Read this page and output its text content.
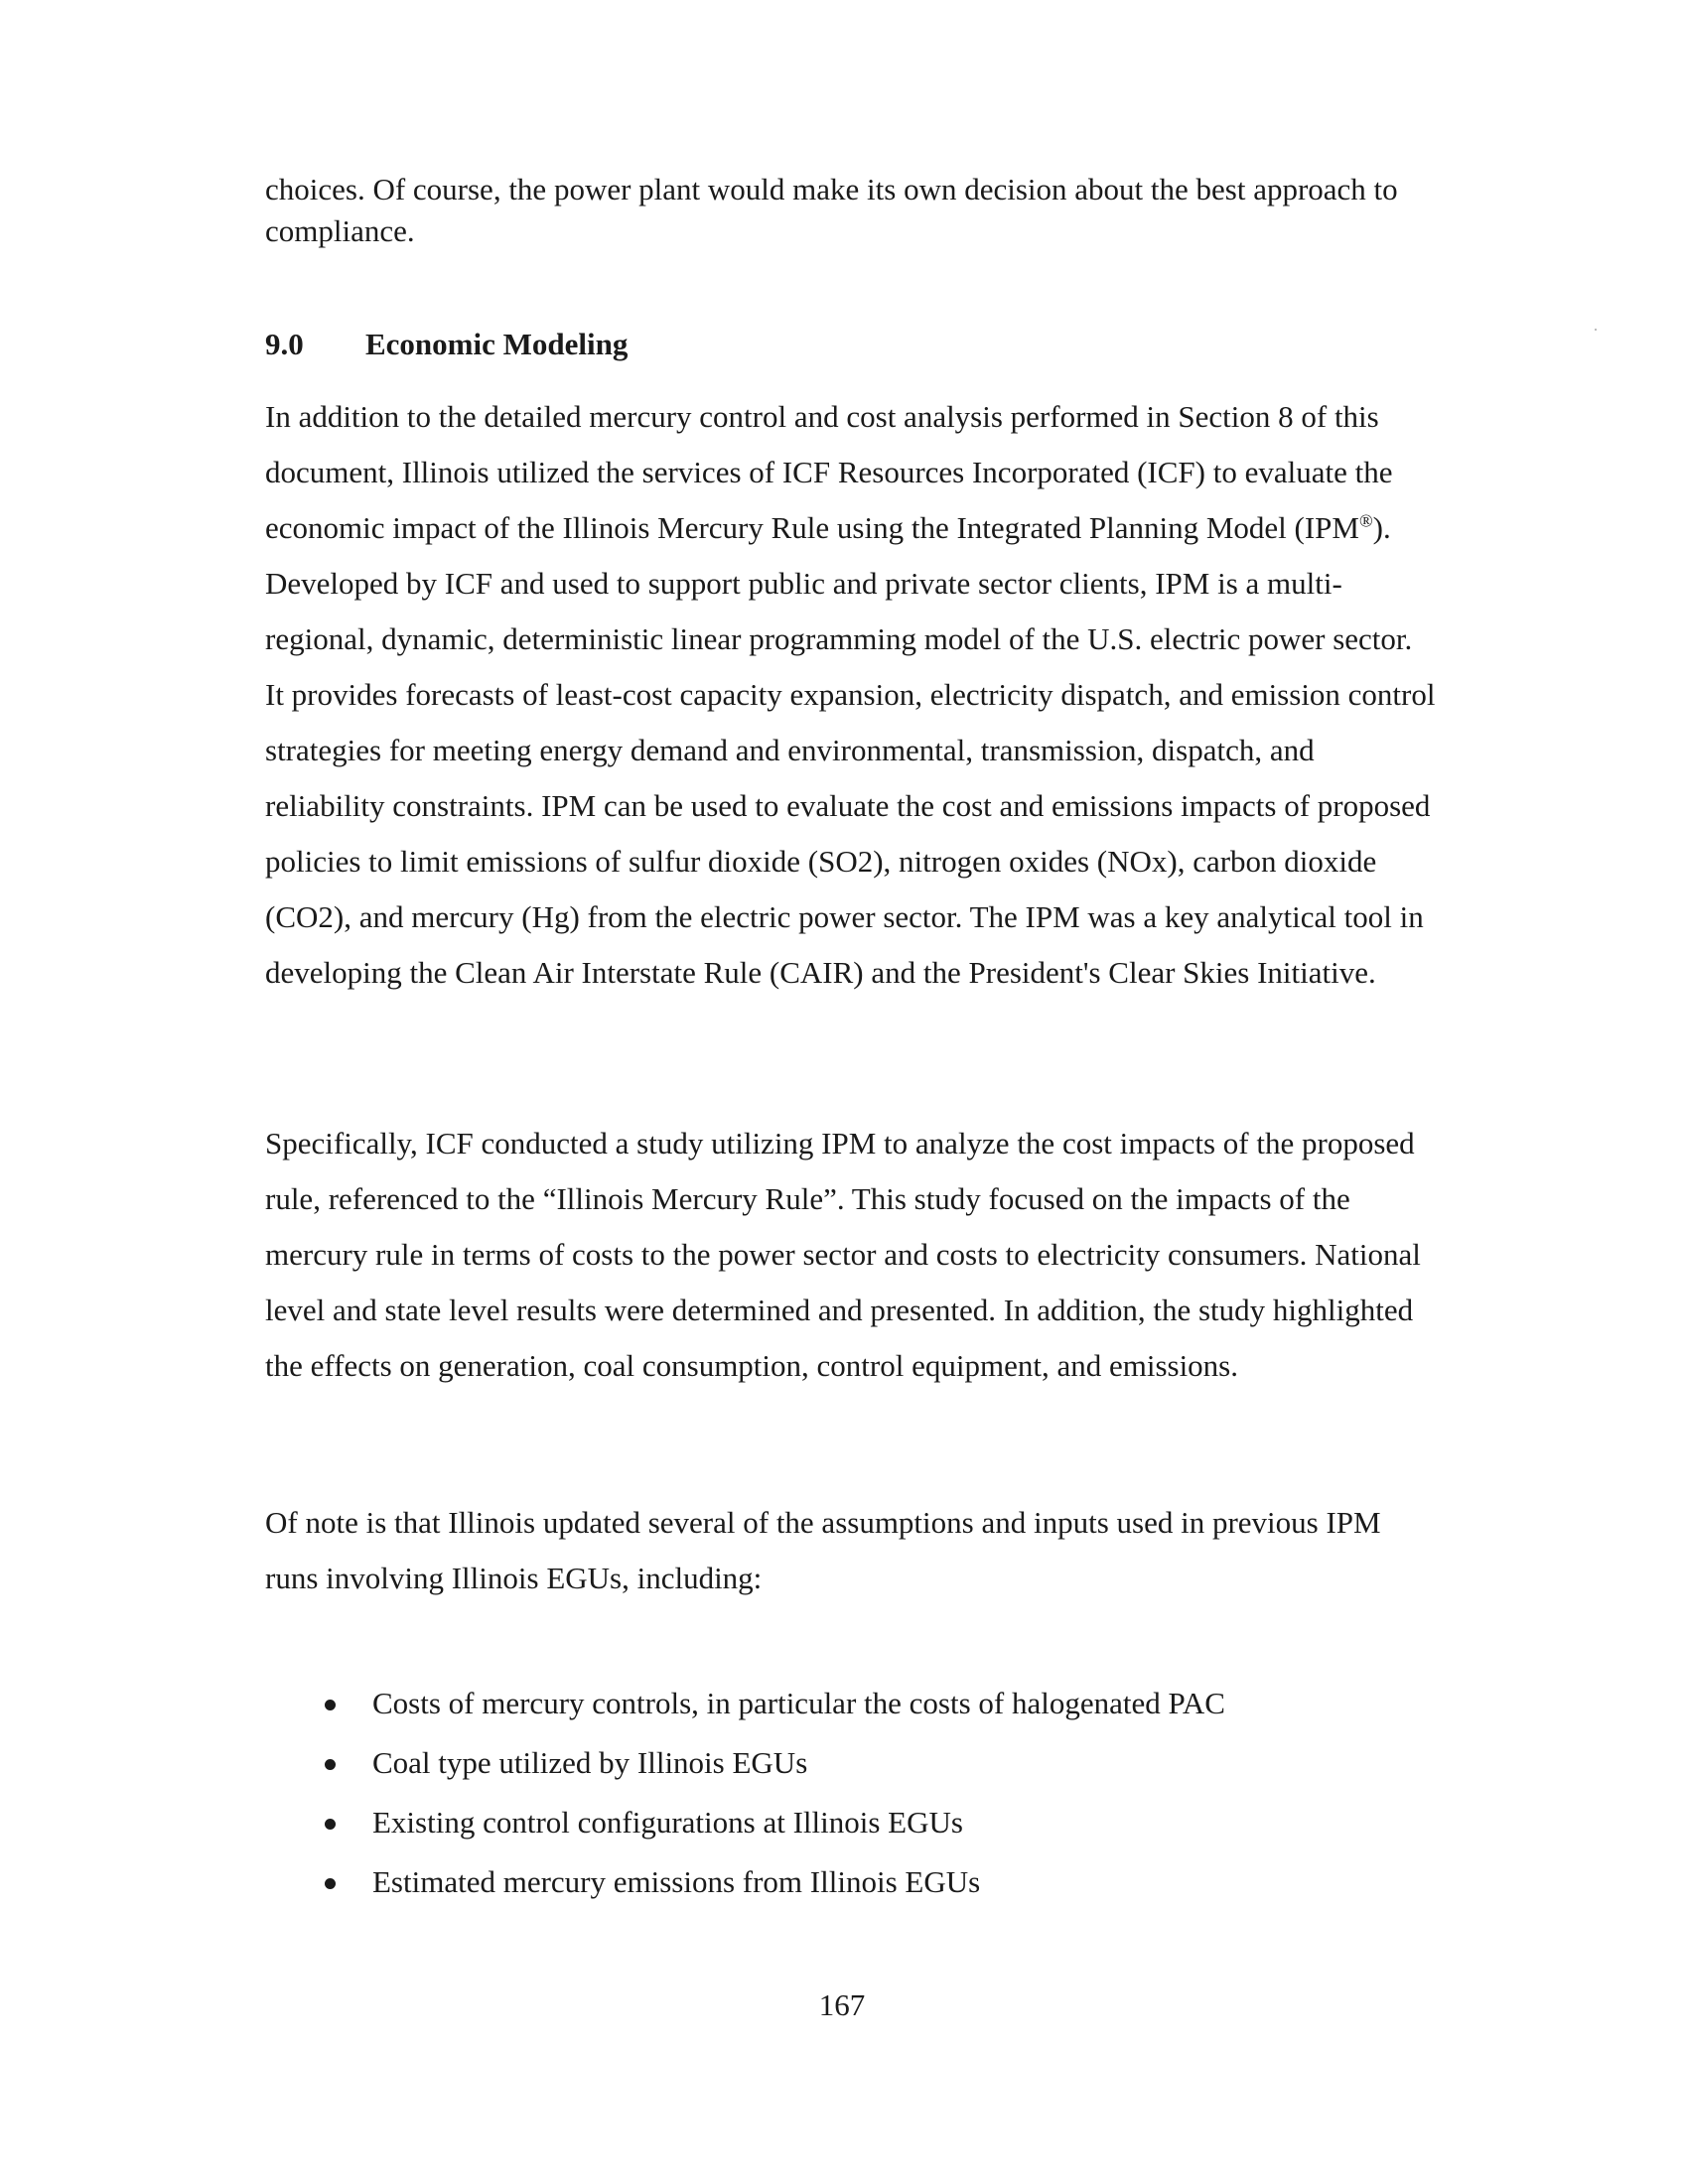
choices. Of course, the power plant would make its own decision about the best approach to compliance.

9.0 Economic Modeling

In addition to the detailed mercury control and cost analysis performed in Section 8 of this document, Illinois utilized the services of ICF Resources Incorporated (ICF) to evaluate the economic impact of the Illinois Mercury Rule using the Integrated Planning Model (IPM®). Developed by ICF and used to support public and private sector clients, IPM is a multi-regional, dynamic, deterministic linear programming model of the U.S. electric power sector. It provides forecasts of least-cost capacity expansion, electricity dispatch, and emission control strategies for meeting energy demand and environmental, transmission, dispatch, and reliability constraints. IPM can be used to evaluate the cost and emissions impacts of proposed policies to limit emissions of sulfur dioxide (SO2), nitrogen oxides (NOx), carbon dioxide (CO2), and mercury (Hg) from the electric power sector. The IPM was a key analytical tool in developing the Clean Air Interstate Rule (CAIR) and the President's Clear Skies Initiative.

Specifically, ICF conducted a study utilizing IPM to analyze the cost impacts of the proposed rule, referenced to the “Illinois Mercury Rule”. This study focused on the impacts of the mercury rule in terms of costs to the power sector and costs to electricity consumers. National level and state level results were determined and presented. In addition, the study highlighted the effects on generation, coal consumption, control equipment, and emissions.

Of note is that Illinois updated several of the assumptions and inputs used in previous IPM runs involving Illinois EGUs, including:

Costs of mercury controls, in particular the costs of halogenated PAC
Coal type utilized by Illinois EGUs
Existing control configurations at Illinois EGUs
Estimated mercury emissions from Illinois EGUs
167
